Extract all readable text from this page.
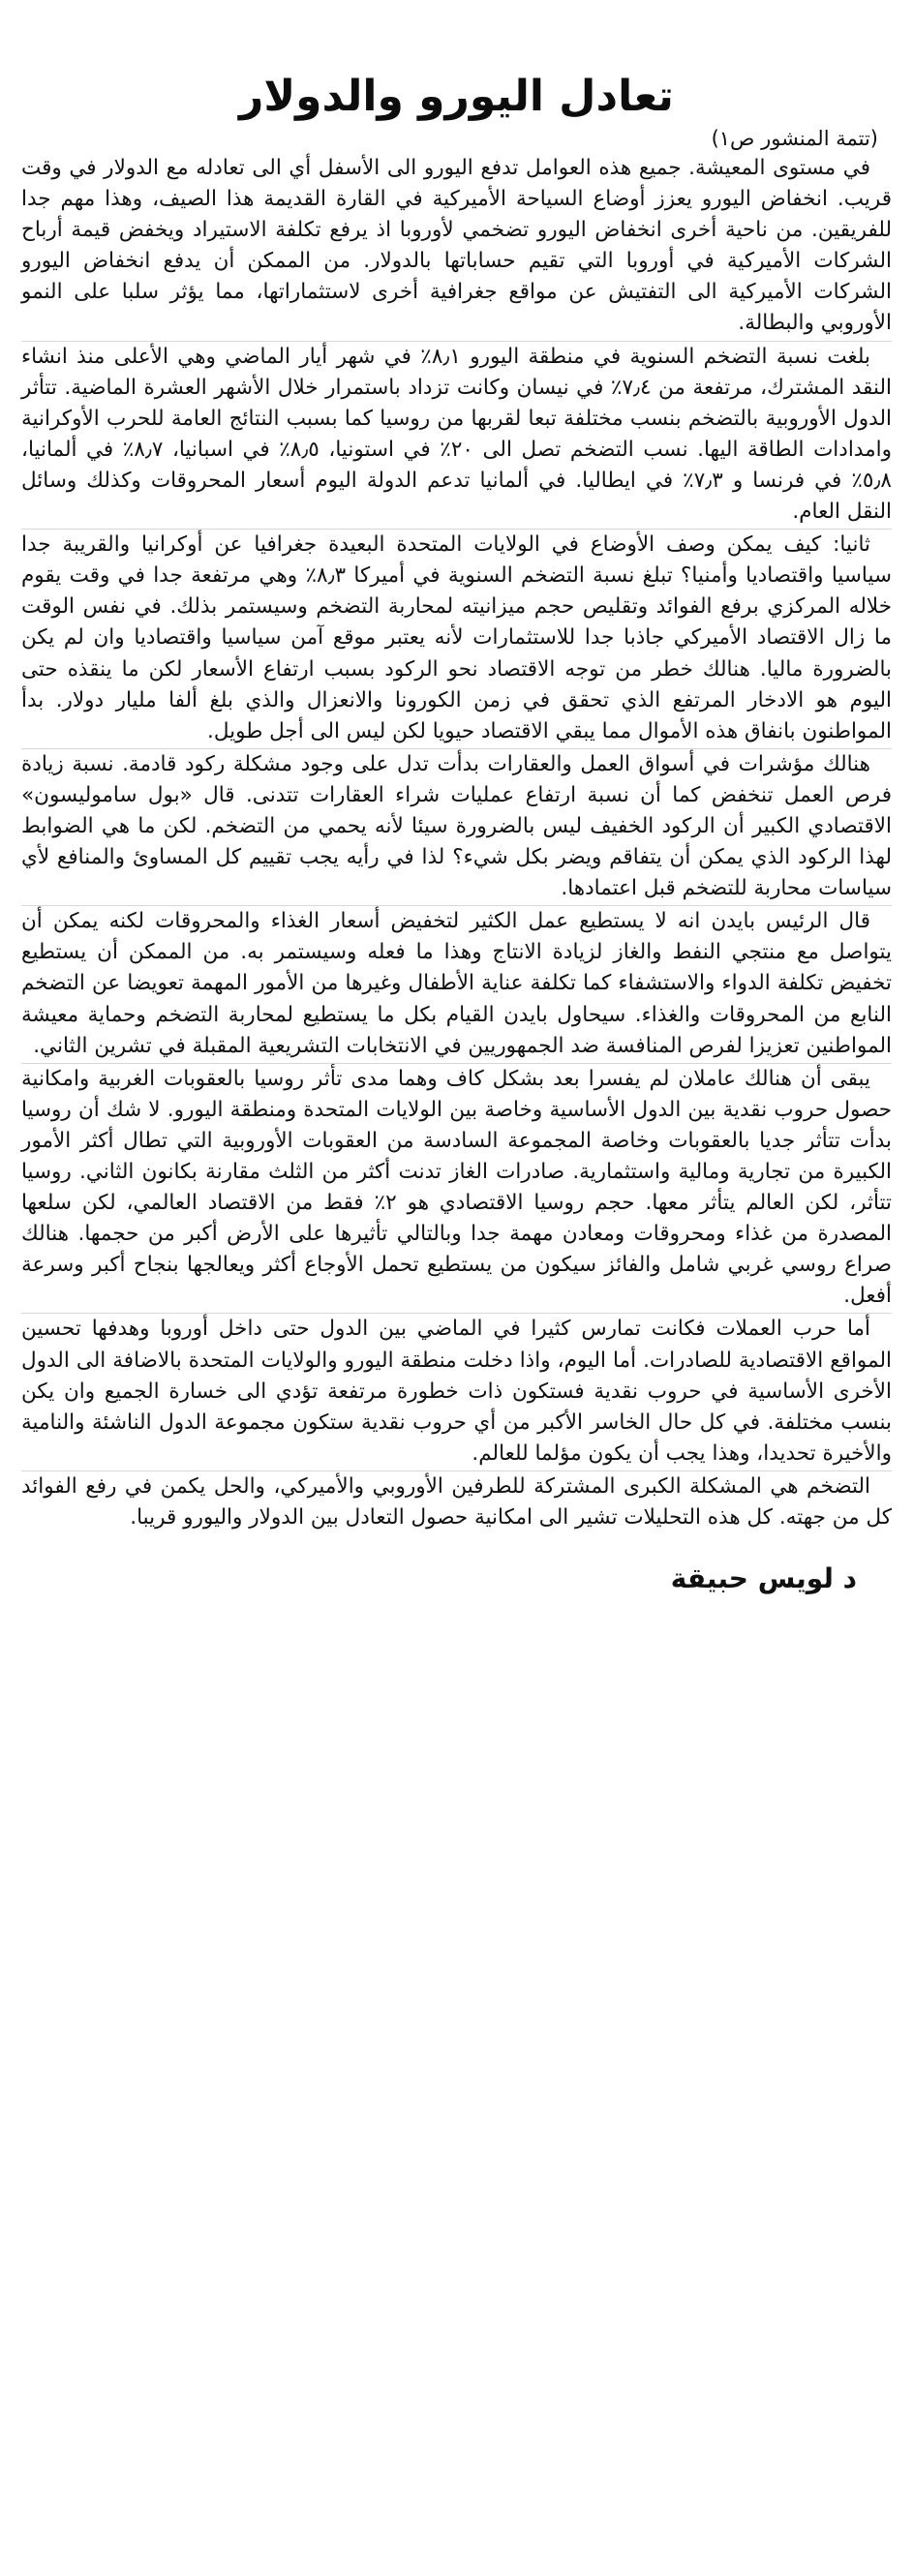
تعادل اليورو والدولار
(تتمة المنشور ص١)

في مستوى المعيشة. جميع هذه العوامل تدفع اليورو الى الأسفل أي الى تعادله مع الدولار في وقت قريب. انخفاض اليورو يعزز أوضاع السياحة الأميركية في القارة القديمة هذا الصيف، وهذا مهم جدا للفريقين. من ناحية أخرى انخفاض اليورو تضخمي لأوروبا اذ يرفع تكلفة الاستيراد ويخفض قيمة أرباح الشركات الأميركية في أوروبا التي تقيم حساباتها بالدولار. من الممكن أن يدفع انخفاض اليورو الشركات الأميركية الى التفتيش عن مواقع جغرافية أخرى لاستثماراتها، مما يؤثر سلبا على النمو الأوروبي والبطالة.

بلغت نسبة التضخم السنوية في منطقة اليورو ٨٫١٪ في شهر أيار الماضي وهي الأعلى منذ انشاء النقد المشترك، مرتفعة من ٧٫٤٪ في نيسان وكانت تزداد باستمرار خلال الأشهر العشرة الماضية. تتأثر الدول الأوروبية بالتضخم بنسب مختلفة تبعا لقربها من روسيا كما بسبب النتائج العامة للحرب الأوكرانية وامدادات الطاقة اليها. نسب التضخم تصل الى ٢٠٪ في استونيا، ٨٫٥٪ في اسبانيا، ٨٫٧٪ في ألمانيا، ٥٫٨٪ في فرنسا و ٧٫٣٪ في ايطاليا. في ألمانيا تدعم الدولة اليوم أسعار المحروقات وكذلك وسائل النقل العام.

ثانيا: كيف يمكن وصف الأوضاع في الولايات المتحدة البعيدة جغرافيا عن أوكرانيا والقريبة جدا سياسيا واقتصاديا وأمنيا؟ تبلغ نسبة التضخم السنوية في أميركا ٨٫٣٪ وهي مرتفعة جدا في وقت يقوم خلاله المركزي برفع الفوائد وتقليص حجم ميزانيته لمحاربة التضخم وسيستمر بذلك. في نفس الوقت ما زال الاقتصاد الأميركي جاذبا جدا للاستثمارات لأنه يعتبر موقع آمن سياسيا واقتصاديا وان لم يكن بالضرورة ماليا. هنالك خطر من توجه الاقتصاد نحو الركود بسبب ارتفاع الأسعار لكن ما ينقذه حتى اليوم هو الادخار المرتفع الذي تحقق في زمن الكورونا والانعزال والذي بلغ ألفا مليار دولار. بدأ المواطنون بانفاق هذه الأموال مما يبقي الاقتصاد حيويا لكن ليس الى أجل طويل.

هنالك مؤشرات في أسواق العمل والعقارات بدأت تدل على وجود مشكلة ركود قادمة. نسبة زيادة فرص العمل تنخفض كما أن نسبة ارتفاع عمليات شراء العقارات تتدنى. قال «بول ساموليسون» الاقتصادي الكبير أن الركود الخفيف ليس بالضرورة سيئا لأنه يحمي من التضخم. لكن ما هي الضوابط لهذا الركود الذي يمكن أن يتفاقم ويضر بكل شيء؟ لذا في رأيه يجب تقييم كل المساوئ والمنافع لأي سياسات محاربة للتضخم قبل اعتمادها.

قال الرئيس بايدن انه لا يستطيع عمل الكثير لتخفيض أسعار الغذاء والمحروقات لكنه يمكن أن يتواصل مع منتجي النفط والغاز لزيادة الانتاج وهذا ما فعله وسيستمر به. من الممكن أن يستطيع تخفيض تكلفة الدواء والاستشفاء كما تكلفة عناية الأطفال وغيرها من الأمور المهمة تعويضا عن التضخم النابع من المحروقات والغذاء. سيحاول بايدن القيام بكل ما يستطيع لمحاربة التضخم وحماية معيشة المواطنين تعزيزا لفرص المنافسة ضد الجمهوريين في الانتخابات التشريعية المقبلة في تشرين الثاني.

يبقى أن هنالك عاملان لم يفسرا بعد بشكل كاف وهما مدى تأثر روسيا بالعقوبات الغربية وامكانية حصول حروب نقدية بين الدول الأساسية وخاصة بين الولايات المتحدة ومنطقة اليورو. لا شك أن روسيا بدأت تتأثر جديا بالعقوبات وخاصة المجموعة السادسة من العقوبات الأوروبية التي تطال أكثر الأمور الكبيرة من تجارية ومالية واستثمارية. صادرات الغاز تدنت أكثر من الثلث مقارنة بكانون الثاني. روسيا تتأثر، لكن العالم يتأثر معها. حجم روسيا الاقتصادي هو ٢٪ فقط من الاقتصاد العالمي، لكن سلعها المصدرة من غذاء ومحروقات ومعادن مهمة جدا وبالتالي تأثيرها على الأرض أكبر من حجمها. هنالك صراع روسي غربي شامل والفائز سيكون من يستطيع تحمل الأوجاع أكثر ويعالجها بنجاح أكبر وسرعة أفعل.

أما حرب العملات فكانت تمارس كثيرا في الماضي بين الدول حتى داخل أوروبا وهدفها تحسين المواقع الاقتصادية للصادرات. أما اليوم، واذا دخلت منطقة اليورو والولايات المتحدة بالاضافة الى الدول الأخرى الأساسية في حروب نقدية فستكون ذات خطورة مرتفعة تؤدي الى خسارة الجميع وان يكن بنسب مختلفة. في كل حال الخاسر الأكبر من أي حروب نقدية ستكون مجموعة الدول الناشئة والنامية والأخيرة تحديدا، وهذا يجب أن يكون مؤلما للعالم.

التضخم هي المشكلة الكبرى المشتركة للطرفين الأوروبي والأميركي، والحل يكمن في رفع الفوائد كل من جهته. كل هذه التحليلات تشير الى امكانية حصول التعادل بين الدولار واليورو قريبا.

د لويس حبيقة
